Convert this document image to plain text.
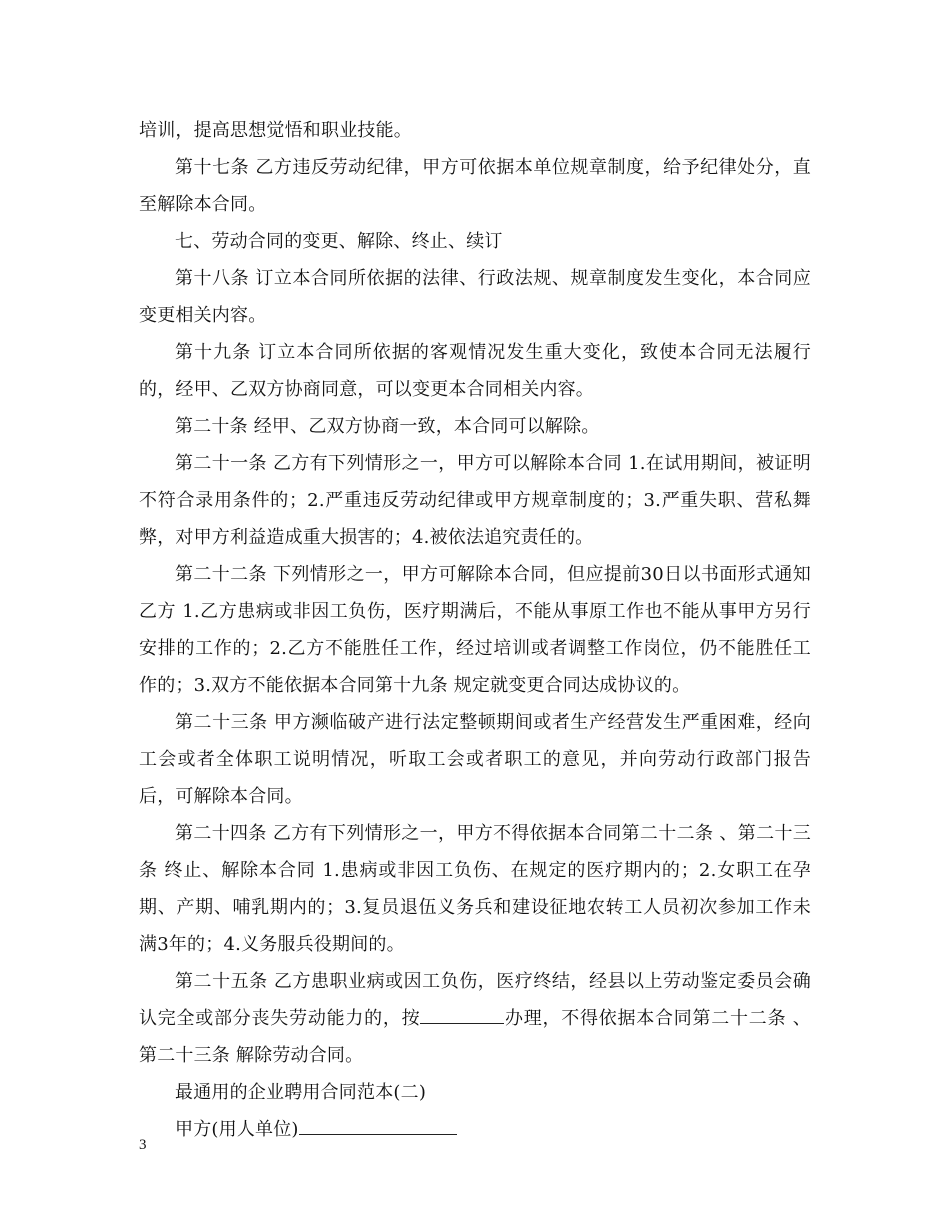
培训，提高思想觉悟和职业技能。

第十七条 乙方违反劳动纪律，甲方可依据本单位规章制度，给予纪律处分，直至解除本合同。

七、劳动合同的变更、解除、终止、续订

第十八条 订立本合同所依据的法律、行政法规、规章制度发生变化，本合同应变更相关内容。

第十九条 订立本合同所依据的客观情况发生重大变化，致使本合同无法履行的，经甲、乙双方协商同意，可以变更本合同相关内容。

第二十条 经甲、乙双方协商一致，本合同可以解除。

第二十一条 乙方有下列情形之一，甲方可以解除本合同 1.在试用期间，被证明不符合录用条件的；2.严重违反劳动纪律或甲方规章制度的；3.严重失职、营私舞弊，对甲方利益造成重大损害的；4.被依法追究责任的。

第二十二条 下列情形之一，甲方可解除本合同，但应提前30日以书面形式通知乙方 1.乙方患病或非因工负伤，医疗期满后，不能从事原工作也不能从事甲方另行安排的工作的；2.乙方不能胜任工作，经过培训或者调整工作岗位，仍不能胜任工作的；3.双方不能依据本合同第十九条 规定就变更合同达成协议的。

第二十三条 甲方濒临破产进行法定整顿期间或者生产经营发生严重困难，经向工会或者全体职工说明情况，听取工会或者职工的意见，并向劳动行政部门报告后，可解除本合同。

第二十四条 乙方有下列情形之一，甲方不得依据本合同第二十二条 、第二十三条 终止、解除本合同 1.患病或非因工负伤、在规定的医疗期内的；2.女职工在孕期、产期、哺乳期内的；3.复员退伍义务兵和建设征地农转工人员初次参加工作未满3年的；4.义务服兵役期间的。

第二十五条 乙方患职业病或因工负伤，医疗终结，经县以上劳动鉴定委员会确认完全或部分丧失劳动能力的，按	办理，不得依据本合同第二十二条 、第二十三条 解除劳动合同。

最通用的企业聘用合同范本(二)

甲方(用人单位)

3
